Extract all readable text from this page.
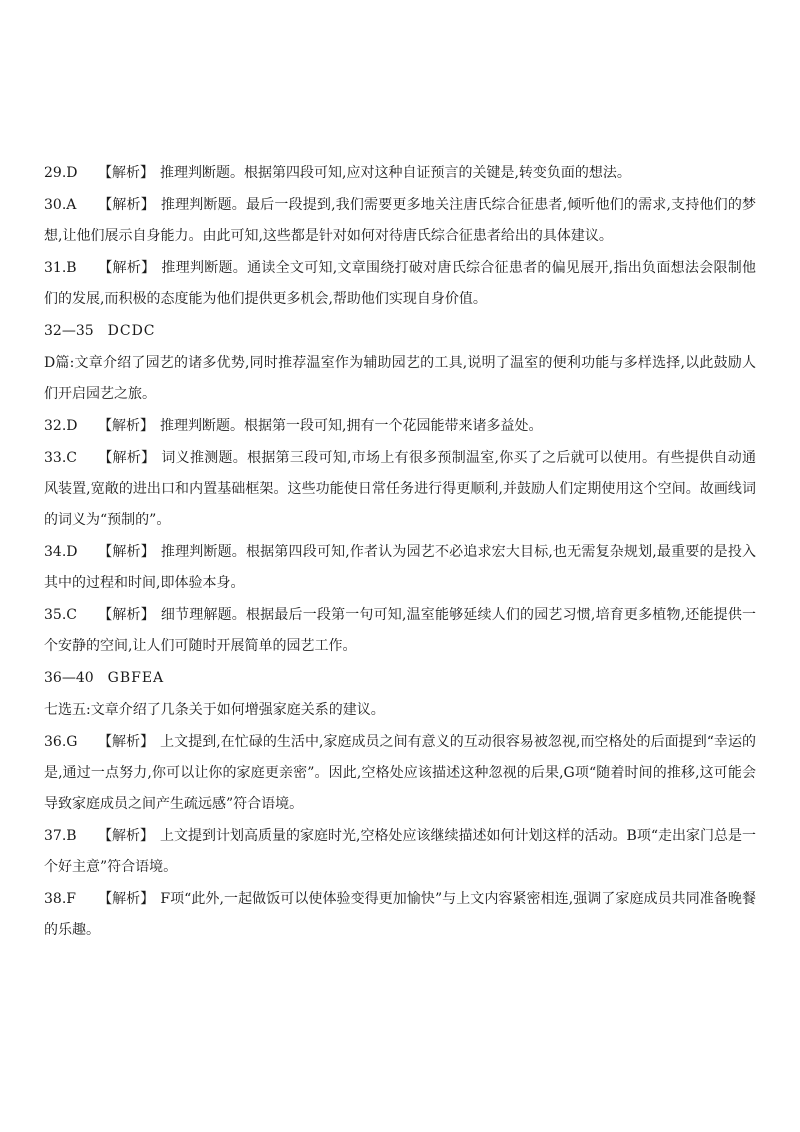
29.D 【解析】 推理判断题。根据第四段可知,应对这种自证预言的关键是,转变负面的想法。

30.A 【解析】 推理判断题。最后一段提到,我们需要更多地关注唐氏综合征患者,倾听他们的需求,支持他们的梦想,让他们展示自身能力。由此可知,这些都是针对如何对待唐氏综合征患者给出的具体建议。

31.B 【解析】 推理判断题。通读全文可知,文章围绕打破对唐氏综合征患者的偏见展开,指出负面想法会限制他们的发展,而积极的态度能为他们提供更多机会,帮助他们实现自身价值。

32—35 DCDC

D篇:文章介绍了园艺的诸多优势,同时推荐温室作为辅助园艺的工具,说明了温室的便利功能与多样选择,以此鼓励人们开启园艺之旅。

32.D 【解析】 推理判断题。根据第一段可知,拥有一个花园能带来诸多益处。

33.C 【解析】 词义推测题。根据第三段可知,市场上有很多预制温室,你买了之后就可以使用。有些提供自动通风装置,宽敞的进出口和内置基础框架。这些功能使日常任务进行得更顺利,并鼓励人们定期使用这个空间。故画线词的词义为“预制的”。

34.D 【解析】 推理判断题。根据第四段可知,作者认为园艺不必追求宏大目标,也无需复杂规划,最重要的是投入其中的过程和时间,即体验本身。

35.C 【解析】 细节理解题。根据最后一段第一句可知,温室能够延续人们的园艺习惯,培育更多植物,还能提供一个安静的空间,让人们可随时开展简单的园艺工作。

36—40 GBFEA

七选五:文章介绍了几条关于如何增强家庭关系的建议。

36.G 【解析】 上文提到,在忙碌的生活中,家庭成员之间有意义的互动很容易被忽视,而空格处的后面提到“幸运的是,通过一点努力,你可以让你的家庭更亲密”。因此,空格处应该描述这种忽视的后果,G项“随着时间的推移,这可能会导致家庭成员之间产生疏远感”符合语境。

37.B 【解析】 上文提到计划高质量的家庭时光,空格处应该继续描述如何计划这样的活动。B项“走出家门总是一个好主意”符合语境。

38.F 【解析】 F项“此外,一起做饭可以使体验变得更加愉快”与上文内容紧密相连,强调了家庭成员共同准备晚餐的乐趣。
